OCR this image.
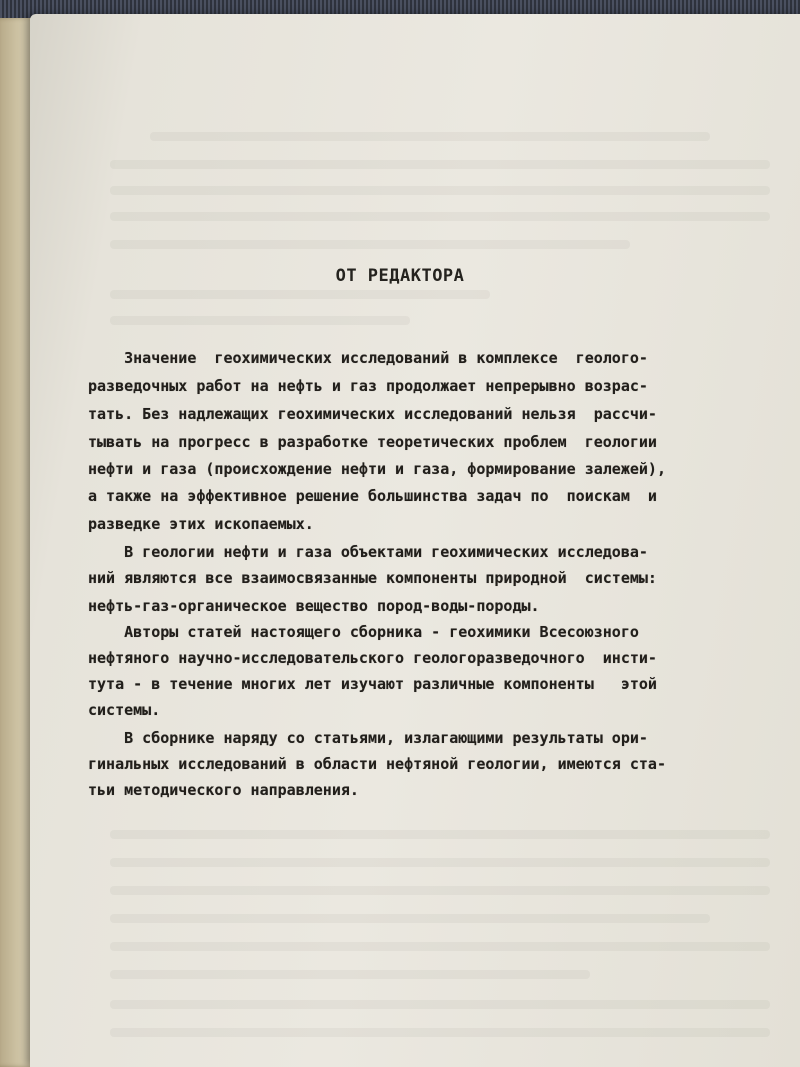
ОТ РЕДАКТОРА
Значение  геохимических исследований в комплексе  геолого-
разведочных работ на нефть и газ продолжает непрерывно возрас-
тать. Без надлежащих геохимических исследований нельзя  рассчи-
тывать на прогресс в разработке теоретических проблем  геологии
нефти и газа (происхождение нефти и газа, формирование залежей),
а также на эффективное решение большинства задач по  поискам  и
разведке этих ископаемых.
В геологии нефти и газа объектами геохимических исследова-
ний являются все взаимосвязанные компоненты природной  системы:
нефть-газ-органическое вещество пород-воды-породы.
Авторы статей настоящего сборника - геохимики Всесоюзного
нефтяного научно-исследовательского геологоразведочного  инсти-
тута - в течение многих лет изучают различные компоненты   этой
системы.
В сборнике наряду со статьями, излагающими результаты ори-
гинальных исследований в области нефтяной геологии, имеются ста-
тьи методического направления.
